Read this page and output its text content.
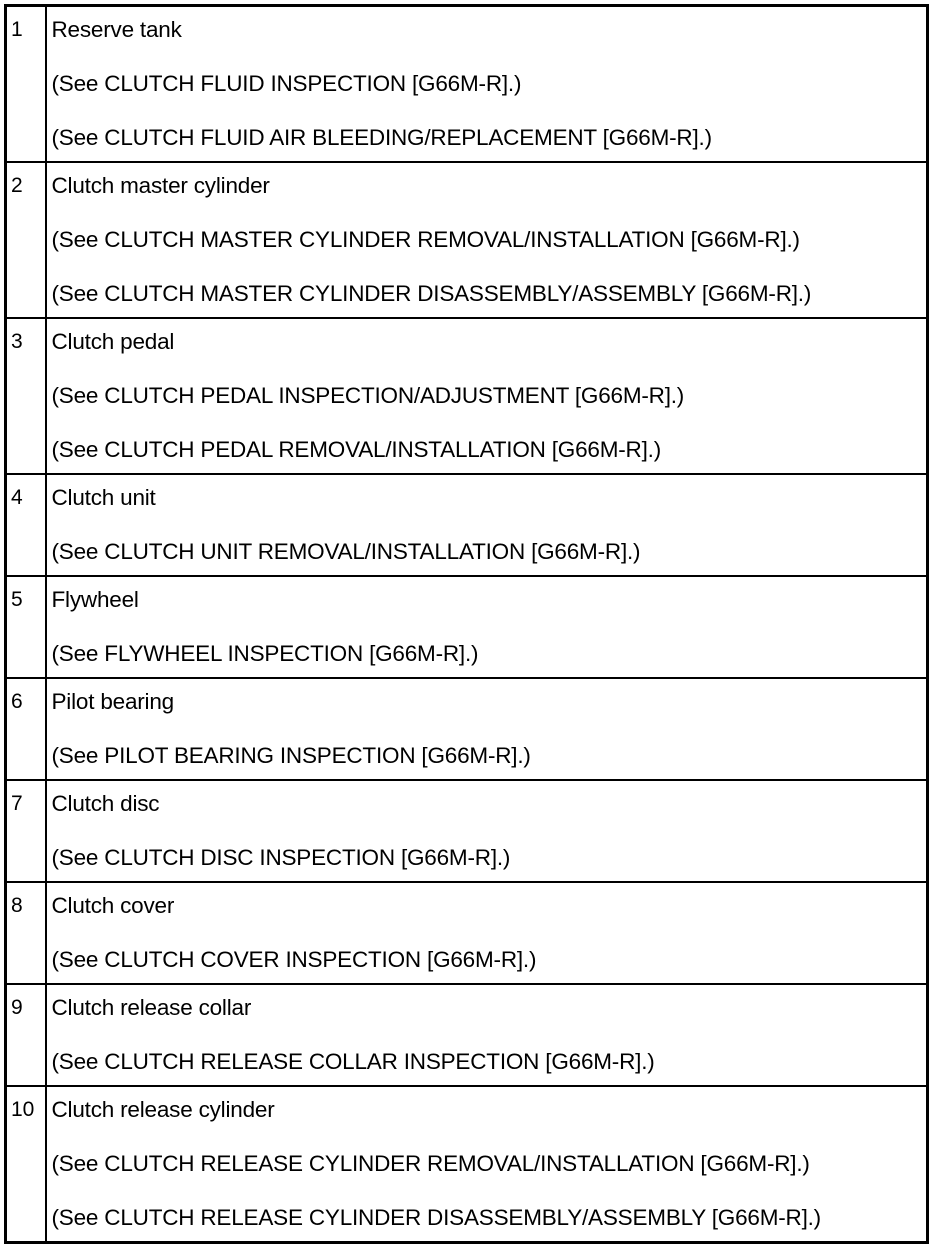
1	Reserve tank
(See CLUTCH FLUID INSPECTION [G66M-R].)
(See CLUTCH FLUID AIR BLEEDING/REPLACEMENT [G66M-R].)

2	Clutch master cylinder
(See CLUTCH MASTER CYLINDER REMOVAL/INSTALLATION [G66M-R].)
(See CLUTCH MASTER CYLINDER DISASSEMBLY/ASSEMBLY [G66M-R].)

3	Clutch pedal
(See CLUTCH PEDAL INSPECTION/ADJUSTMENT [G66M-R].)
(See CLUTCH PEDAL REMOVAL/INSTALLATION [G66M-R].)

4	Clutch unit
(See CLUTCH UNIT REMOVAL/INSTALLATION [G66M-R].)

5	Flywheel
(See FLYWHEEL INSPECTION [G66M-R].)

6	Pilot bearing
(See PILOT BEARING INSPECTION [G66M-R].)

7	Clutch disc
(See CLUTCH DISC INSPECTION [G66M-R].)

8	Clutch cover
(See CLUTCH COVER INSPECTION [G66M-R].)

9	Clutch release collar
(See CLUTCH RELEASE COLLAR INSPECTION [G66M-R].)

10	Clutch release cylinder
(See CLUTCH RELEASE CYLINDER REMOVAL/INSTALLATION [G66M-R].)
(See CLUTCH RELEASE CYLINDER DISASSEMBLY/ASSEMBLY [G66M-R].)
